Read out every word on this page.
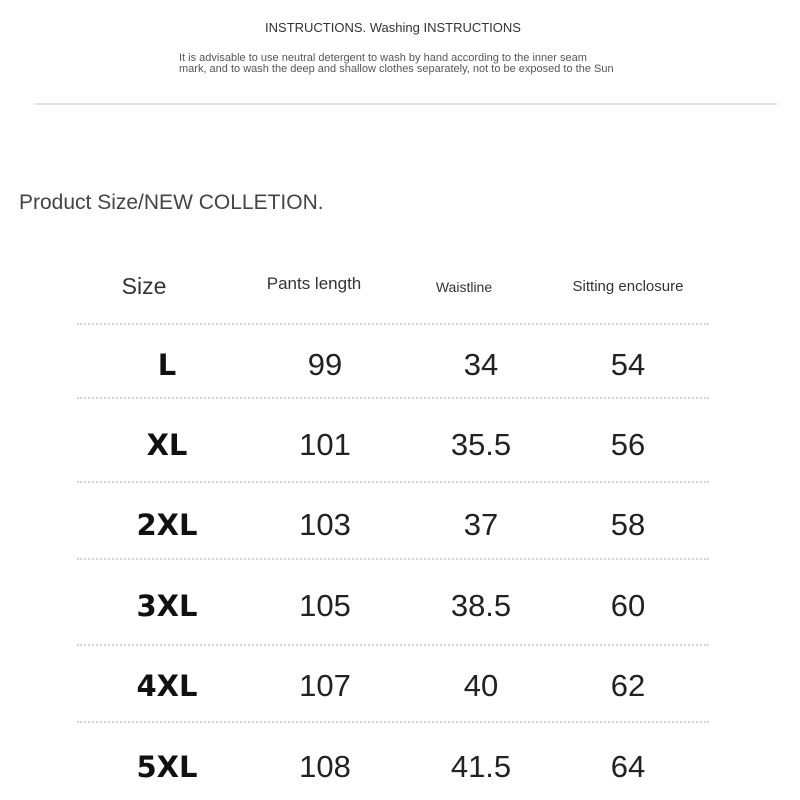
INSTRUCTIONS. Washing INSTRUCTIONS
It is advisable to use neutral detergent to wash by hand according to the inner seam
mark, and to wash the deep and shallow clothes separately, not to be exposed to the Sun
Product Size/NEW COLLETION.
Size	Pants length	Waistline	Sitting enclosure
L	99	34	54
XL	101	35.5	56
2XL	103	37	58
3XL	105	38.5	60
4XL	107	40	62
5XL	108	41.5	64
